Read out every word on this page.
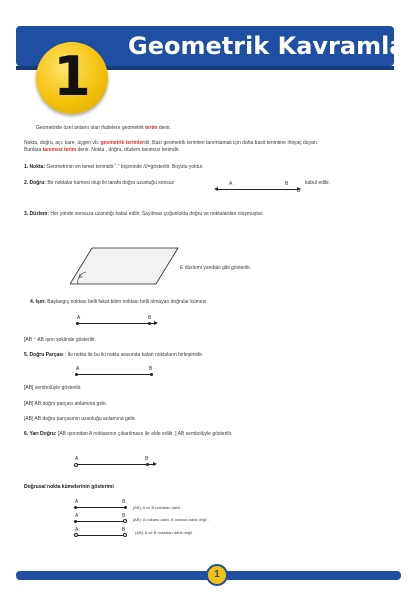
Geometrik Kavramlar
1
Geometride özel anlamı olan ifadelere geometrik terim denir.
Nokta, doğru, açı, kare, üçgen vb. geometrik terimlerdir. Bazı geometrik terimleri tanımlamak için daha basit terimlere ihtiyaç duyarı.
Bunlara tanımsız terim denir. Nokta , doğru, düzlem tanımsız terimdir.
1. Nokta: Geometrinin en temel terimidir."." biçiminde ///=gösterilir. Boyutu yoktur.
2. Doğru: Bir noktalar kümesi olup iki tarafa doğru uzunluğu sonsuz	A	B
d
kabul edilir.
3. Düzlem: Her yönde sonsuza uzandığı kabul edilir. Sayılmaz çoğunlukta doğru ve noktalardan oluşmuştur.
E
E düzlemi yandaki gibi gösterilir.
4. Işın: Başlangıç noktası belli fakat bitim noktası belli olmayan doğrular kümesi
A	B
[AB ⁺ AB ışını şeklinde gösterilir.
5. Doğru Parçası : İki nokta ile bu iki nokta arasında kalan noktaların birleşimidir.
A	B
[AB] sembolüyle gösterilir.
[AB] AB doğru parçası anlamına gelir.
|AB| AB doğru parçasının uzunluğu anlamına gelir.
6. Yarı Doğru: [AB ışınından A noktasının çıkarılmasıı ile elde edilir. ] AB sembolüyle gösterilir.
A	B
Doğrusal nokta kümelerinin gösterimi
A	B
[AB]; A ve B noktaları dahil.
A	B
[AB): A noktası dahil, B noktası dahil değil .
A	B (AB]: A ve B noktaları dahil değil .
1
